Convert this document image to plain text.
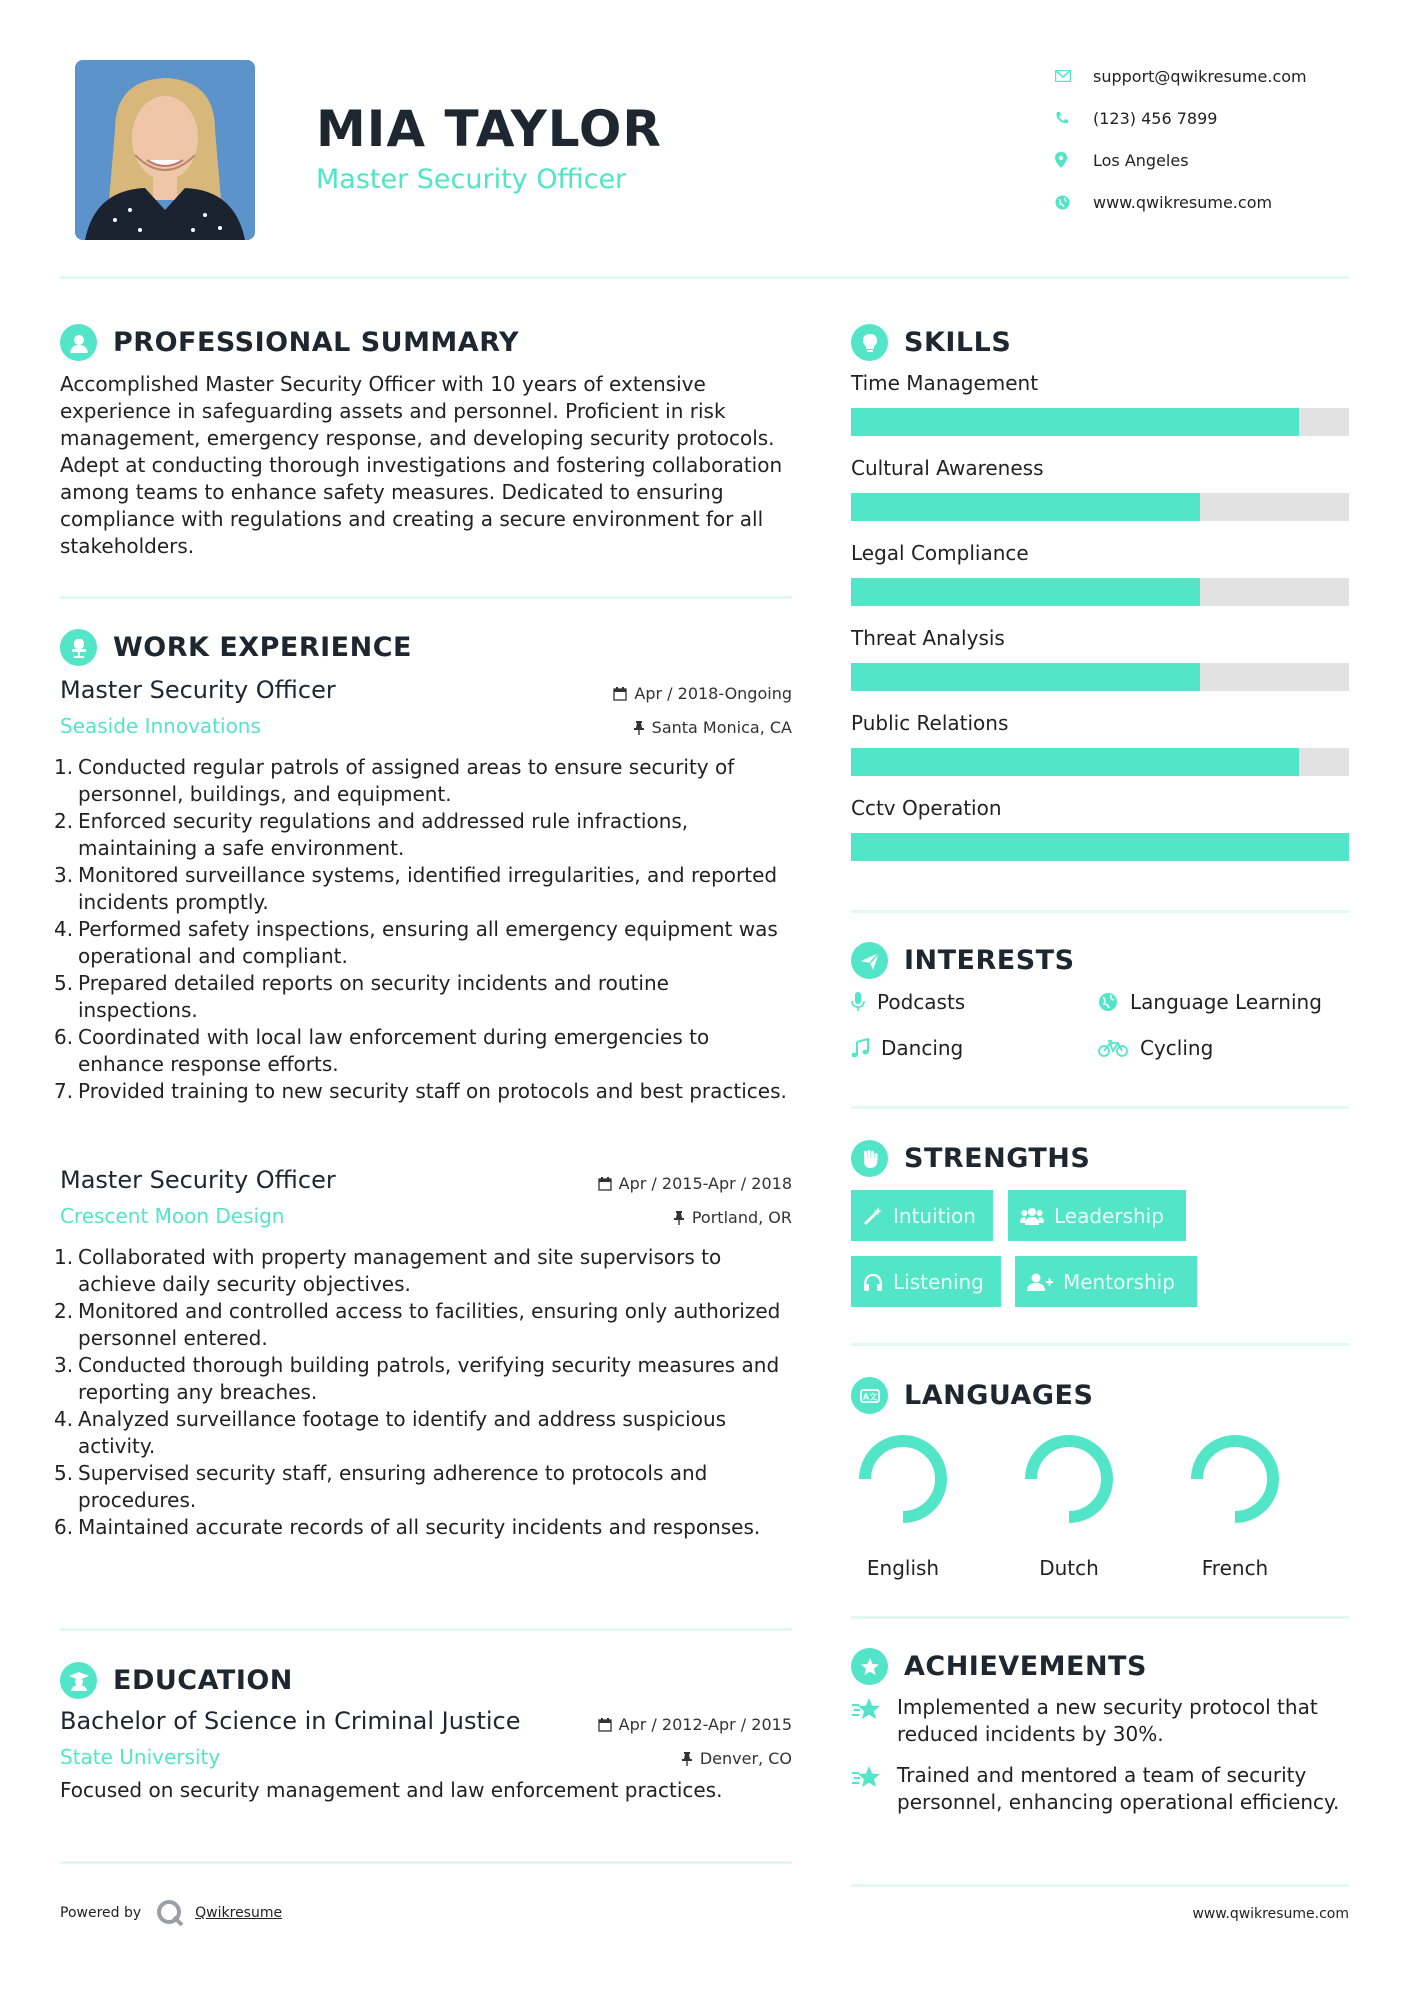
MIA TAYLOR
Master Security Officer
support@qwikresume.com
(123) 456 7899
Los Angeles
www.qwikresume.com
PROFESSIONAL SUMMARY
Accomplished Master Security Officer with 10 years of extensive experience in safeguarding assets and personnel. Proficient in risk management, emergency response, and developing security protocols. Adept at conducting thorough investigations and fostering collaboration among teams to enhance safety measures. Dedicated to ensuring compliance with regulations and creating a secure environment for all stakeholders.
WORK EXPERIENCE
Master Security Officer	Apr / 2018-Ongoing
Seaside Innovations	Santa Monica, CA
1. Conducted regular patrols of assigned areas to ensure security of personnel, buildings, and equipment.
2. Enforced security regulations and addressed rule infractions, maintaining a safe environment.
3. Monitored surveillance systems, identified irregularities, and reported incidents promptly.
4. Performed safety inspections, ensuring all emergency equipment was operational and compliant.
5. Prepared detailed reports on security incidents and routine inspections.
6. Coordinated with local law enforcement during emergencies to enhance response efforts.
7. Provided training to new security staff on protocols and best practices.
Master Security Officer	Apr / 2015-Apr / 2018
Crescent Moon Design	Portland, OR
1. Collaborated with property management and site supervisors to achieve daily security objectives.
2. Monitored and controlled access to facilities, ensuring only authorized personnel entered.
3. Conducted thorough building patrols, verifying security measures and reporting any breaches.
4. Analyzed surveillance footage to identify and address suspicious activity.
5. Supervised security staff, ensuring adherence to protocols and procedures.
6. Maintained accurate records of all security incidents and responses.
EDUCATION
Bachelor of Science in Criminal Justice	Apr / 2012-Apr / 2015
State University	Denver, CO
Focused on security management and law enforcement practices.
SKILLS
Time Management
Cultural Awareness
Legal Compliance
Threat Analysis
Public Relations
Cctv Operation
INTERESTS
Podcasts	Language Learning
Dancing	Cycling
STRENGTHS
Intuition	Leadership
Listening	Mentorship
A文 LANGUAGES
English	Dutch	French
ACHIEVEMENTS
Implemented a new security protocol that reduced incidents by 30%.
Trained and mentored a team of security personnel, enhancing operational efficiency.
Powered by	Qwikresume	www.qwikresume.com
